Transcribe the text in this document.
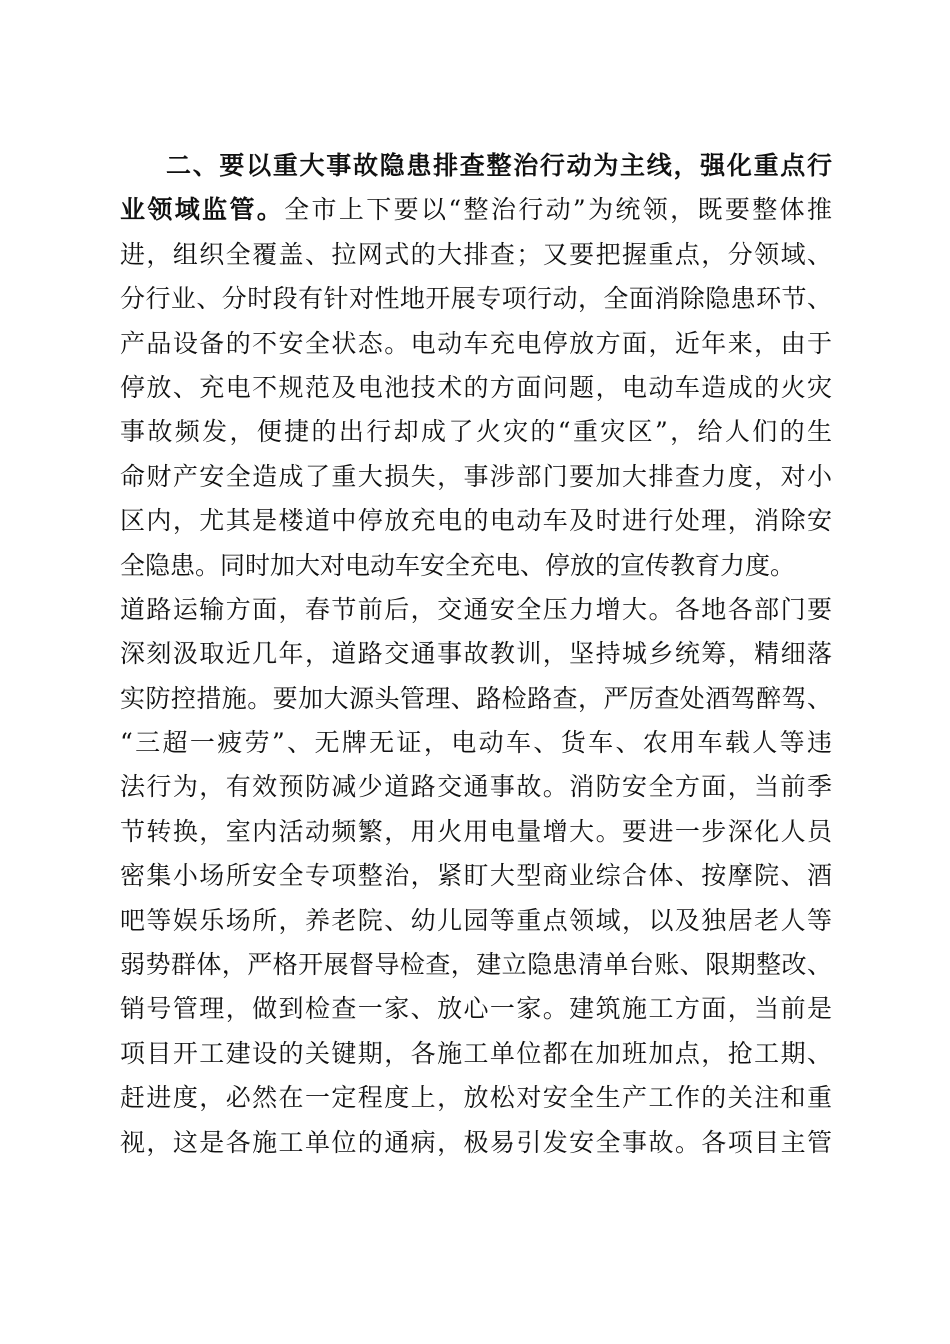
二、要以重大事故隐患排查整治行动为主线，强化重点行
业领域监管。全市上下要以“整治行动”为统领，既要整体推
进，组织全覆盖、拉网式的大排查；又要把握重点，分领域、
分行业、分时段有针对性地开展专项行动，全面消除隐患环节、
产品设备的不安全状态。电动车充电停放方面，近年来，由于
停放、充电不规范及电池技术的方面问题，电动车造成的火灾
事故频发，便捷的出行却成了火灾的“重灾区”，给人们的生
命财产安全造成了重大损失，事涉部门要加大排查力度，对小
区内，尤其是楼道中停放充电的电动车及时进行处理，消除安
全隐患。同时加大对电动车安全充电、停放的宣传教育力度。
道路运输方面，春节前后，交通安全压力增大。各地各部门要
深刻汲取近几年，道路交通事故教训，坚持城乡统筹，精细落
实防控措施。要加大源头管理、路检路查，严厉查处酒驾醉驾、
“三超一疲劳”、无牌无证，电动车、货车、农用车载人等违
法行为，有效预防减少道路交通事故。消防安全方面，当前季
节转换，室内活动频繁，用火用电量增大。要进一步深化人员
密集小场所安全专项整治，紧盯大型商业综合体、按摩院、酒
吧等娱乐场所，养老院、幼儿园等重点领域，以及独居老人等
弱势群体，严格开展督导检查，建立隐患清单台账、限期整改、
销号管理，做到检查一家、放心一家。建筑施工方面，当前是
项目开工建设的关键期，各施工单位都在加班加点，抢工期、
赶进度，必然在一定程度上，放松对安全生产工作的关注和重
视，这是各施工单位的通病，极易引发安全事故。各项目主管
